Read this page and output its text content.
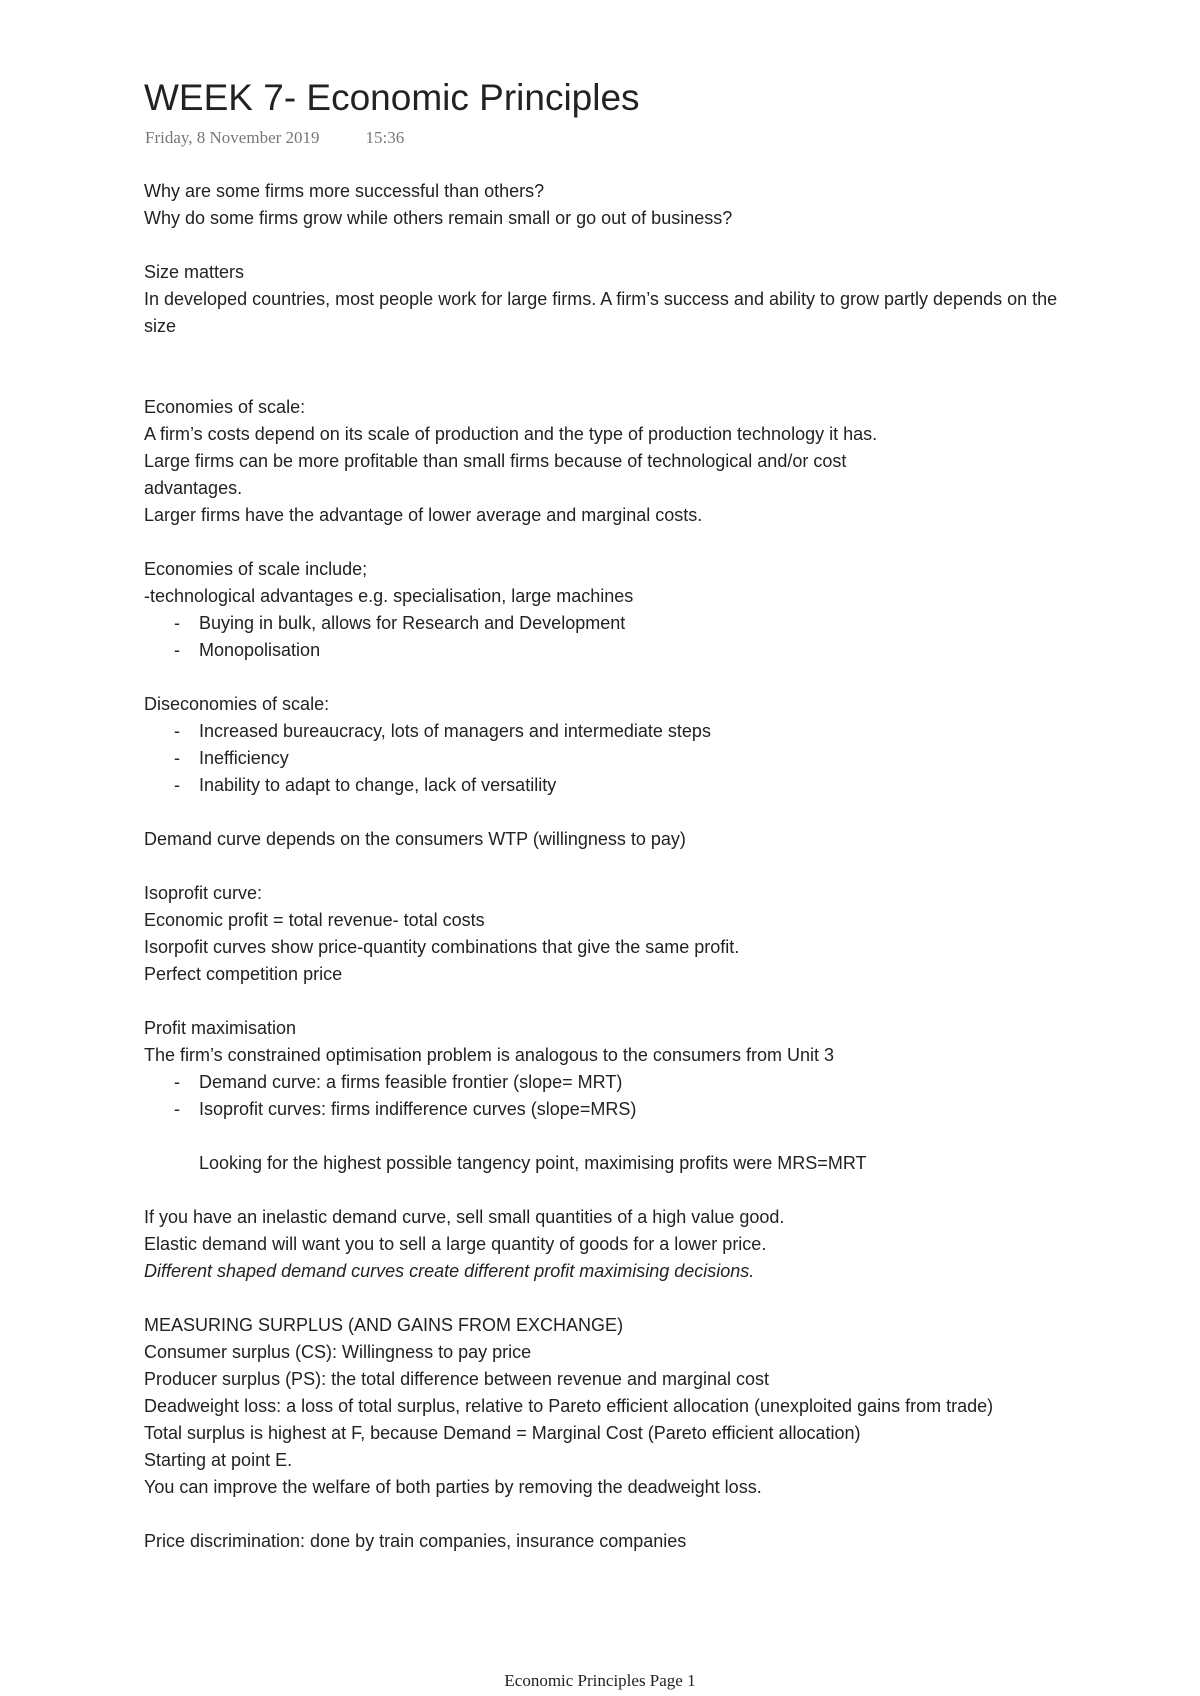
WEEK 7- Economic Principles
Friday, 8 November 2019	15:36
Why are some firms more successful than others?
Why do some firms grow while others remain small or go out of business?
Size matters
In developed countries, most people work for large firms. A firm’s success and ability to grow partly depends on the size
Economies of scale:
A firm’s costs depend on its scale of production and the type of production technology it has.
Large firms can be more profitable than small firms because of technological and/or cost advantages.
Larger firms have the advantage of lower average and marginal costs.
Economies of scale include;
-technological advantages e.g. specialisation, large machines
- Buying in bulk, allows for Research and Development
- Monopolisation
Diseconomies of scale:
- Increased bureaucracy, lots of managers and intermediate steps
- Inefficiency
- Inability to adapt to change, lack of versatility
Demand curve depends on the consumers WTP (willingness to pay)
Isoprofit curve:
Economic profit = total revenue- total costs
Isorpofit curves show price-quantity combinations that give the same profit.
Perfect competition price
Profit maximisation
The firm’s constrained optimisation problem is analogous to the consumers from Unit 3
- Demand curve: a firms feasible frontier (slope= MRT)
- Isoprofit curves: firms indifference curves (slope=MRS)
Looking for the highest possible tangency point, maximising profits were MRS=MRT
If you have an inelastic demand curve, sell small quantities of a high value good.
Elastic demand will want you to sell a large quantity of goods for a lower price.
Different shaped demand curves create different profit maximising decisions.
MEASURING SURPLUS (AND GAINS FROM EXCHANGE)
Consumer surplus (CS): Willingness to pay price
Producer surplus (PS): the total difference between revenue and marginal cost
Deadweight loss: a loss of total surplus, relative to Pareto efficient allocation (unexploited gains from trade)
Total surplus is highest at F, because Demand = Marginal Cost (Pareto efficient allocation)
Starting at point E.
You can improve the welfare of both parties by removing the deadweight loss.
Price discrimination: done by train companies, insurance companies
Economic Principles Page 1
